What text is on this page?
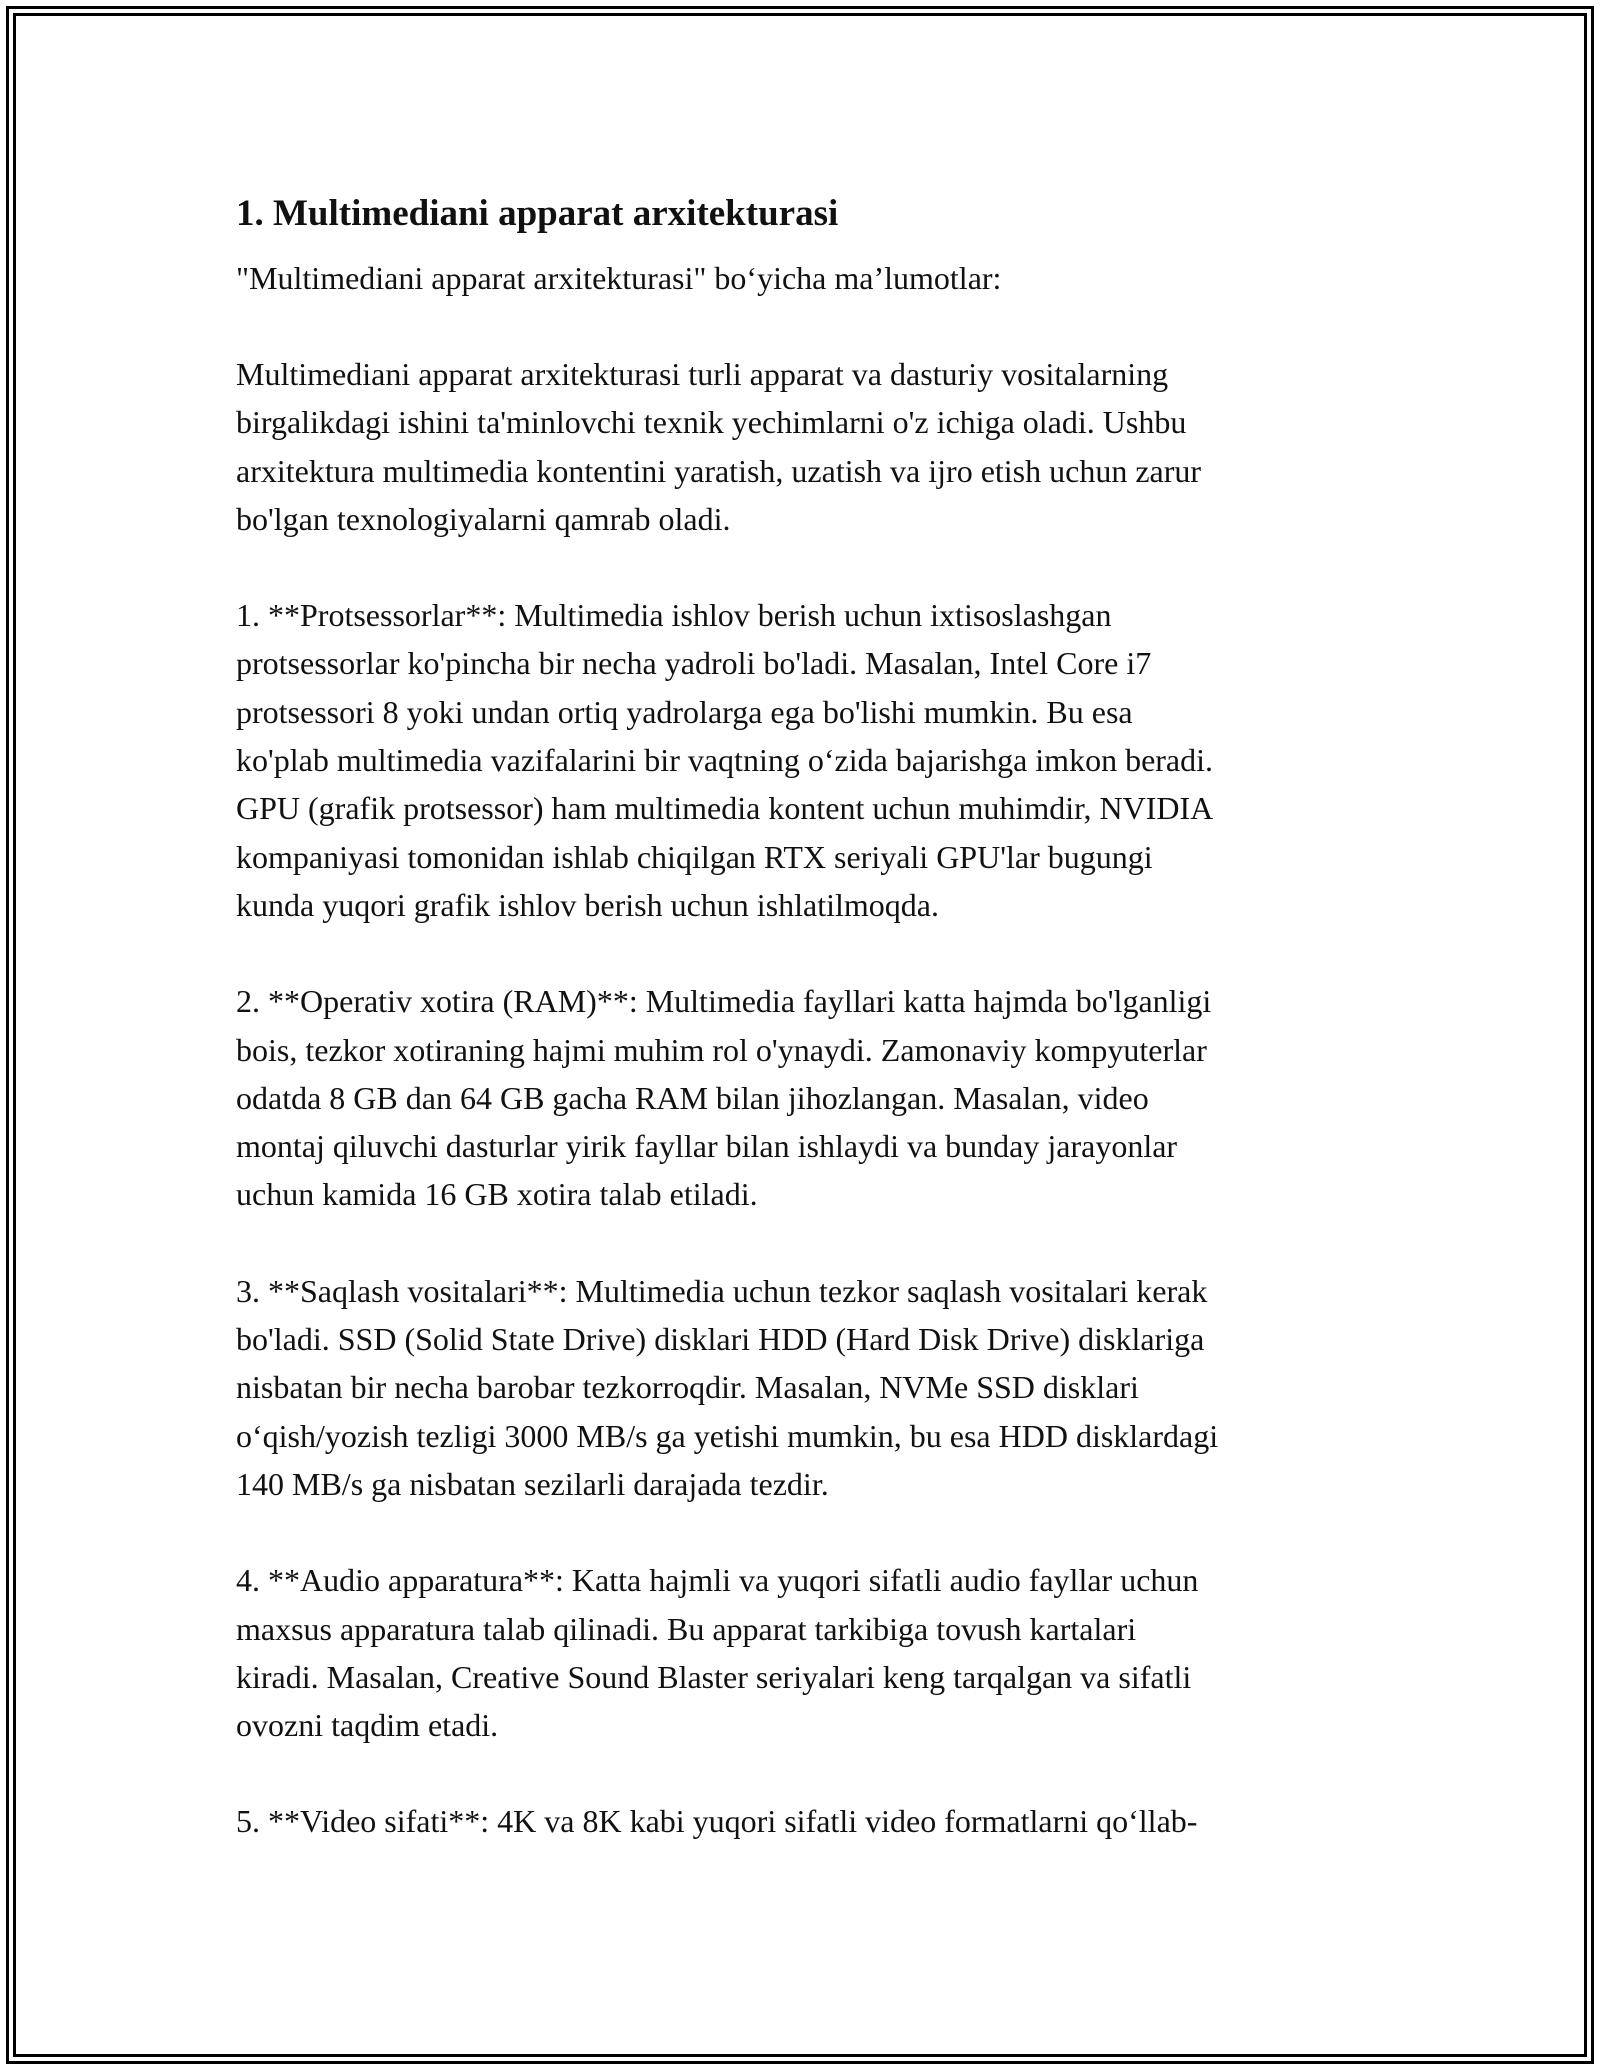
1. Multimediani apparat arxitekturasi

"Multimediani apparat arxitekturasi" bo‘yicha ma’lumotlar:

Multimediani apparat arxitekturasi turli apparat va dasturiy vositalarning
birgalikdagi ishini ta'minlovchi texnik yechimlarni o'z ichiga oladi. Ushbu
arxitektura multimedia kontentini yaratish, uzatish va ijro etish uchun zarur
bo'lgan texnologiyalarni qamrab oladi.

1. **Protsessorlar**: Multimedia ishlov berish uchun ixtisoslashgan
protsessorlar ko'pincha bir necha yadroli bo'ladi. Masalan, Intel Core i7
protsessori 8 yoki undan ortiq yadrolarga ega bo'lishi mumkin. Bu esa
ko'plab multimedia vazifalarini bir vaqtning o‘zida bajarishga imkon beradi.
GPU (grafik protsessor) ham multimedia kontent uchun muhimdir, NVIDIA
kompaniyasi tomonidan ishlab chiqilgan RTX seriyali GPU'lar bugungi
kunda yuqori grafik ishlov berish uchun ishlatilmoqda.

2. **Operativ xotira (RAM)**: Multimedia fayllari katta hajmda bo'lganligi
bois, tezkor xotiraning hajmi muhim rol o'ynaydi. Zamonaviy kompyuterlar
odatda 8 GB dan 64 GB gacha RAM bilan jihozlangan. Masalan, video
montaj qiluvchi dasturlar yirik fayllar bilan ishlaydi va bunday jarayonlar
uchun kamida 16 GB xotira talab etiladi.

3. **Saqlash vositalari**: Multimedia uchun tezkor saqlash vositalari kerak
bo'ladi. SSD (Solid State Drive) disklari HDD (Hard Disk Drive) disklariga
nisbatan bir necha barobar tezkorroqdir. Masalan, NVMe SSD disklari
o‘qish/yozish tezligi 3000 MB/s ga yetishi mumkin, bu esa HDD disklardagi
140 MB/s ga nisbatan sezilarli darajada tezdir.

4. **Audio apparatura**: Katta hajmli va yuqori sifatli audio fayllar uchun
maxsus apparatura talab qilinadi. Bu apparat tarkibiga tovush kartalari
kiradi. Masalan, Creative Sound Blaster seriyalari keng tarqalgan va sifatli
ovozni taqdim etadi.

5. **Video sifati**: 4K va 8K kabi yuqori sifatli video formatlarni qo‘llab-
